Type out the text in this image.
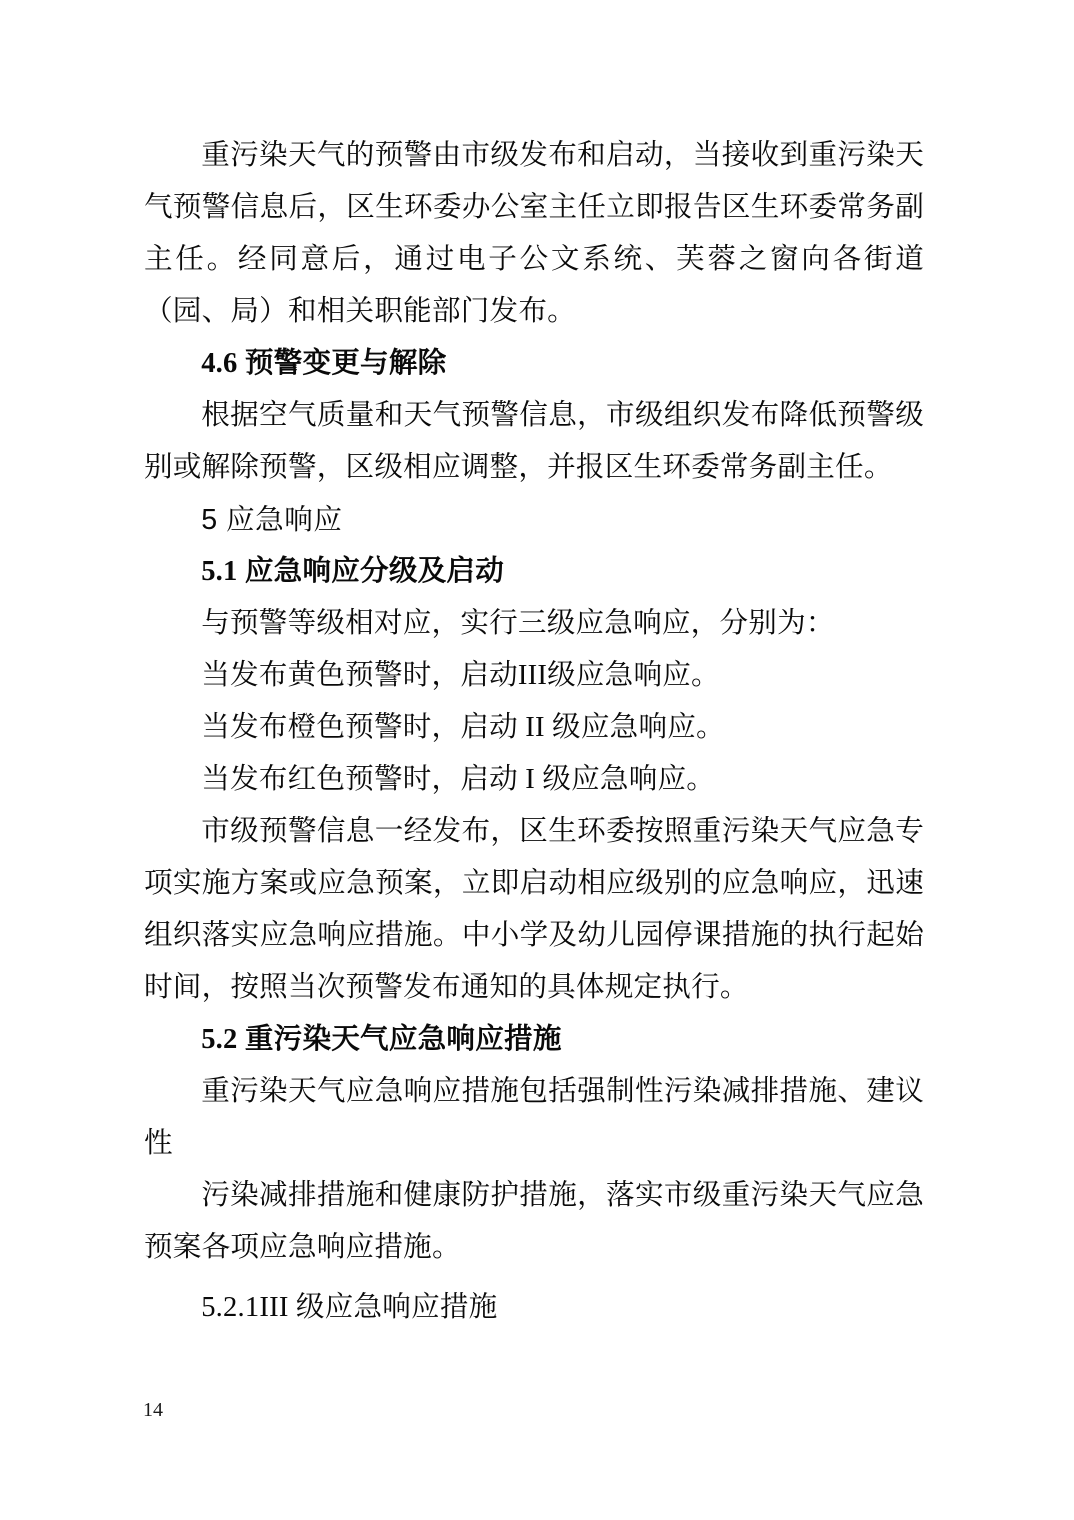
重污染天气的预警由市级发布和启动，当接收到重污染天气预警信息后，区生环委办公室主任立即报告区生环委常务副主任。经同意后，通过电子公文系统、芙蓉之窗向各街道（园、局）和相关职能部门发布。

4.6 预警变更与解除

根据空气质量和天气预警信息，市级组织发布降低预警级别或解除预警，区级相应调整，并报区生环委常务副主任。

5 应急响应

5.1 应急响应分级及启动

与预警等级相对应，实行三级应急响应，分别为：

当发布黄色预警时，启动III级应急响应。

当发布橙色预警时，启动 II 级应急响应。

当发布红色预警时，启动 I 级应急响应。

市级预警信息一经发布，区生环委按照重污染天气应急专项实施方案或应急预案，立即启动相应级别的应急响应，迅速组织落实应急响应措施。中小学及幼儿园停课措施的执行起始时间，按照当次预警发布通知的具体规定执行。

5.2 重污染天气应急响应措施

重污染天气应急响应措施包括强制性污染减排措施、建议性

污染减排措施和健康防护措施，落实市级重污染天气应急预案各项应急响应措施。

5.2.1III 级应急响应措施

14
